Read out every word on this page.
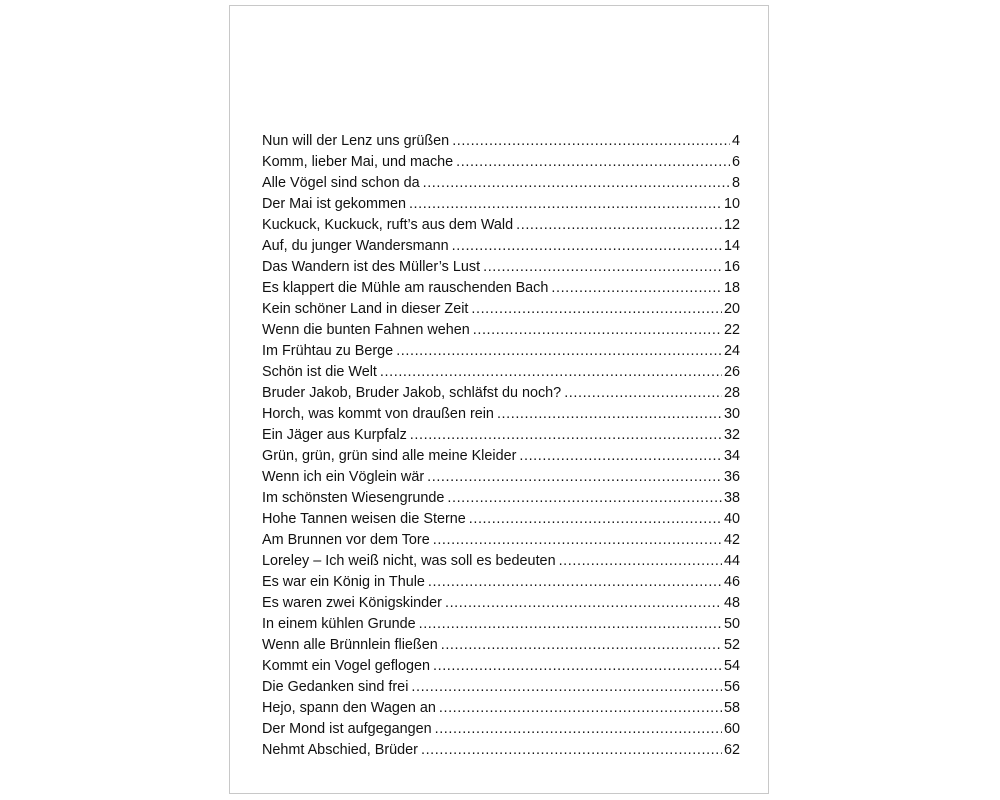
Nun will der Lenz uns grüßen .....	4
Komm, lieber Mai, und mache .....	6
Alle Vögel sind schon da .....	8
Der Mai ist gekommen .....	10
Kuckuck, Kuckuck, ruft’s aus dem Wald .....	12
Auf, du junger Wandersmann .....	14
Das Wandern ist des Müller’s Lust .....	16
Es klappert die Mühle am rauschenden Bach .....	18
Kein schöner Land in dieser Zeit .....	20
Wenn die bunten Fahnen wehen .....	22
Im Frühtau zu Berge .....	24
Schön ist die Welt .....	26
Bruder Jakob, Bruder Jakob, schläfst du noch? .....	28
Horch, was kommt von draußen rein .....	30
Ein Jäger aus Kurpfalz .....	32
Grün, grün, grün sind alle meine Kleider .....	34
Wenn ich ein Vöglein wär .....	36
Im schönsten Wiesengrunde .....	38
Hohe Tannen weisen die Sterne .....	40
Am Brunnen vor dem Tore .....	42
Loreley – Ich weiß nicht, was soll es bedeuten .....	44
Es war ein König in Thule .....	46
Es waren zwei Königskinder .....	48
In einem kühlen Grunde .....	50
Wenn alle Brünnlein fließen .....	52
Kommt ein Vogel geflogen .....	54
Die Gedanken sind frei .....	56
Hejo, spann den Wagen an .....	58
Der Mond ist aufgegangen .....	60
Nehmt Abschied, Brüder .....	62
